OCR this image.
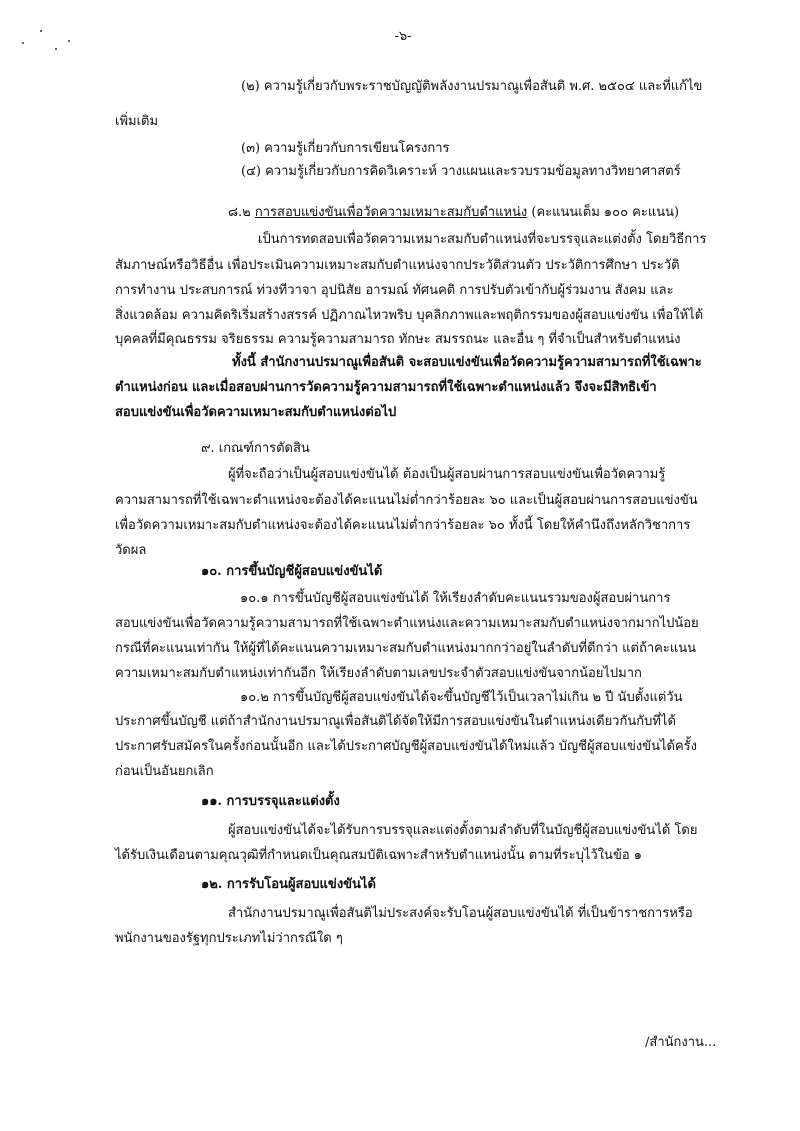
-๖-
(๒) ความรู้เกี่ยวกับพระราชบัญญัติพลังงานปรมาณูเพื่อสันติ พ.ศ. ๒๕๐๔ และที่แก้ไข
เพิ่มเติม
(๓) ความรู้เกี่ยวกับการเขียนโครงการ
(๔) ความรู้เกี่ยวกับการคิดวิเคราะห์ วางแผนและรวบรวมข้อมูลทางวิทยาศาสตร์
๘.๒ การสอบแข่งขันเพื่อวัดความเหมาะสมกับตำแหน่ง (คะแนนเต็ม ๑๐๐ คะแนน)
เป็นการทดสอบเพื่อวัดความเหมาะสมกับตำแหน่งที่จะบรรจุและแต่งตั้ง โดยวิธีการ
สัมภาษณ์หรือวิธีอื่น เพื่อประเมินความเหมาะสมกับตำแหน่งจากประวัติส่วนตัว ประวัติการศึกษา ประวัติ
การทำงาน ประสบการณ์ ท่วงทีวาจา อุปนิสัย อารมณ์ ทัศนคติ การปรับตัวเข้ากับผู้ร่วมงาน สังคม และ
สิ่งแวดล้อม ความคิดริเริ่มสร้างสรรค์ ปฏิภาณไหวพริบ บุคลิกภาพและพฤติกรรมของผู้สอบแข่งขัน เพื่อให้ได้
บุคคลที่มีคุณธรรม จริยธรรม ความรู้ความสามารถ ทักษะ สมรรถนะ และอื่น ๆ ที่จำเป็นสำหรับตำแหน่ง
ทั้งนี้ สำนักงานปรมาณูเพื่อสันติ จะสอบแข่งขันเพื่อวัดความรู้ความสามารถที่ใช้เฉพาะ
ตำแหน่งก่อน และเมื่อสอบผ่านการวัดความรู้ความสามารถที่ใช้เฉพาะตำแหน่งแล้ว จึงจะมีสิทธิเข้า
สอบแข่งขันเพื่อวัดความเหมาะสมกับตำแหน่งต่อไป
๙. เกณฑ์การตัดสิน
ผู้ที่จะถือว่าเป็นผู้สอบแข่งขันได้ ต้องเป็นผู้สอบผ่านการสอบแข่งขันเพื่อวัดความรู้
ความสามารถที่ใช้เฉพาะตำแหน่งจะต้องได้คะแนนไม่ต่ำกว่าร้อยละ ๖๐ และเป็นผู้สอบผ่านการสอบแข่งขัน
เพื่อวัดความเหมาะสมกับตำแหน่งจะต้องได้คะแนนไม่ต่ำกว่าร้อยละ ๖๐ ทั้งนี้ โดยให้คำนึงถึงหลักวิชาการ
วัดผล
๑๐. การขึ้นบัญชีผู้สอบแข่งขันได้
๑๐.๑ การขึ้นบัญชีผู้สอบแข่งขันได้ ให้เรียงลำดับคะแนนรวมของผู้สอบผ่านการ
สอบแข่งขันเพื่อวัดความรู้ความสามารถที่ใช้เฉพาะตำแหน่งและความเหมาะสมกับตำแหน่งจากมากไปน้อย
กรณีที่คะแนนเท่ากัน ให้ผู้ที่ได้คะแนนความเหมาะสมกับตำแหน่งมากกว่าอยู่ในลำดับที่ดีกว่า แต่ถ้าคะแนน
ความเหมาะสมกับตำแหน่งเท่ากันอีก ให้เรียงลำดับตามเลขประจำตัวสอบแข่งขันจากน้อยไปมาก
๑๐.๒ การขึ้นบัญชีผู้สอบแข่งขันได้จะขึ้นบัญชีไว้เป็นเวลาไม่เกิน ๒ ปี นับตั้งแต่วัน
ประกาศขึ้นบัญชี แต่ถ้าสำนักงานปรมาณูเพื่อสันติได้จัดให้มีการสอบแข่งขันในตำแหน่งเดียวกันกับที่ได้
ประกาศรับสมัครในครั้งก่อนนั้นอีก และได้ประกาศบัญชีผู้สอบแข่งขันได้ใหม่แล้ว บัญชีผู้สอบแข่งขันได้ครั้ง
ก่อนเป็นอันยกเลิก
๑๑. การบรรจุและแต่งตั้ง
ผู้สอบแข่งขันได้จะได้รับการบรรจุและแต่งตั้งตามลำดับที่ในบัญชีผู้สอบแข่งขันได้ โดย
ได้รับเงินเดือนตามคุณวุฒิที่กำหนดเป็นคุณสมบัติเฉพาะสำหรับตำแหน่งนั้น ตามที่ระบุไว้ในข้อ ๑
๑๒. การรับโอนผู้สอบแข่งขันได้
สำนักงานปรมาณูเพื่อสันติไม่ประสงค์จะรับโอนผู้สอบแข่งขันได้ ที่เป็นข้าราชการหรือ
พนักงานของรัฐทุกประเภทไม่ว่ากรณีใด ๆ
/สำนักงาน...
